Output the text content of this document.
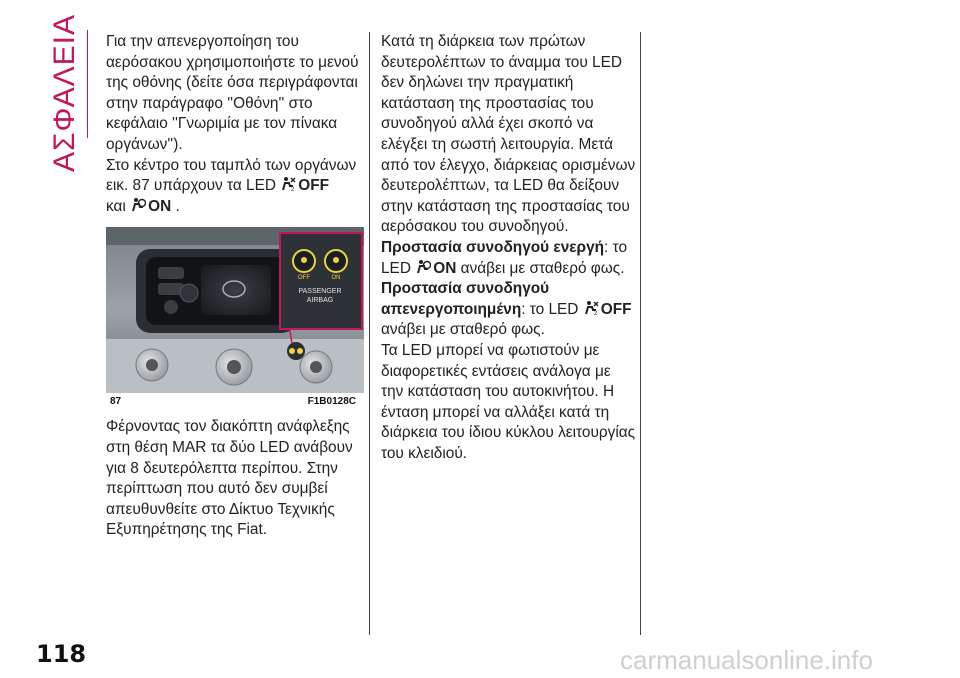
ΑΣΦΑΛΕΙΑ Για την απενεργοποίηση του αερόσακου χρησιμοποιήστε το μενού της οθόνης (δείτε όσα περιγράφονται στην παράγραφο ''Οθόνη'' στο κεφάλαιο ''Γνωριμία με τον πίνακα οργάνων'').

Στο κέντρο του ταμπλό των οργάνων εικ. 87 υπάρχουν τα LED	2 OFF
και ON .

OFF	ON
PASSENGER
AIRBAG
87	F1B0128C

Φέρνοντας τον διακόπτη ανάφλεξης στη θέση MAR τα δύο LED ανάβουν για 8 δευτερόλεπτα περίπου. Στην περίπτωση που αυτό δεν συμβεί απευθυνθείτε στο Δίκτυο Τεχνικής Εξυπηρέτησης της Fiat.

Κατά τη διάρκεια των πρώτων δευτερολέπτων το άναμμα του LED δεν δηλώνει την πραγματική κατάσταση της προστασίας του συνοδηγού αλλά έχει σκοπό να ελέγξει τη σωστή λειτουργία. Μετά από τον έλεγχο, διάρκειας ορισμένων δευτερολέπτων, τα LED θα δείξουν στην κατάσταση της προστασίας του αερόσακου του συνοδηγού.

Προστασία συνοδηγού ενεργή: το
LED ON ανάβει με σταθερό φως.

Προστασία συνοδηγού απενεργοποιημένη: το LED	2 OFF
ανάβει με σταθερό φως.

Τα LED μπορεί να φωτιστούν με διαφορετικές εντάσεις ανάλογα με την κατάσταση του αυτοκινήτου. Η ένταση μπορεί να αλλάξει κατά τη διάρκεια του ίδιου κύκλου λειτουργίας του κλειδιού.

118	carmanualsonline.info
